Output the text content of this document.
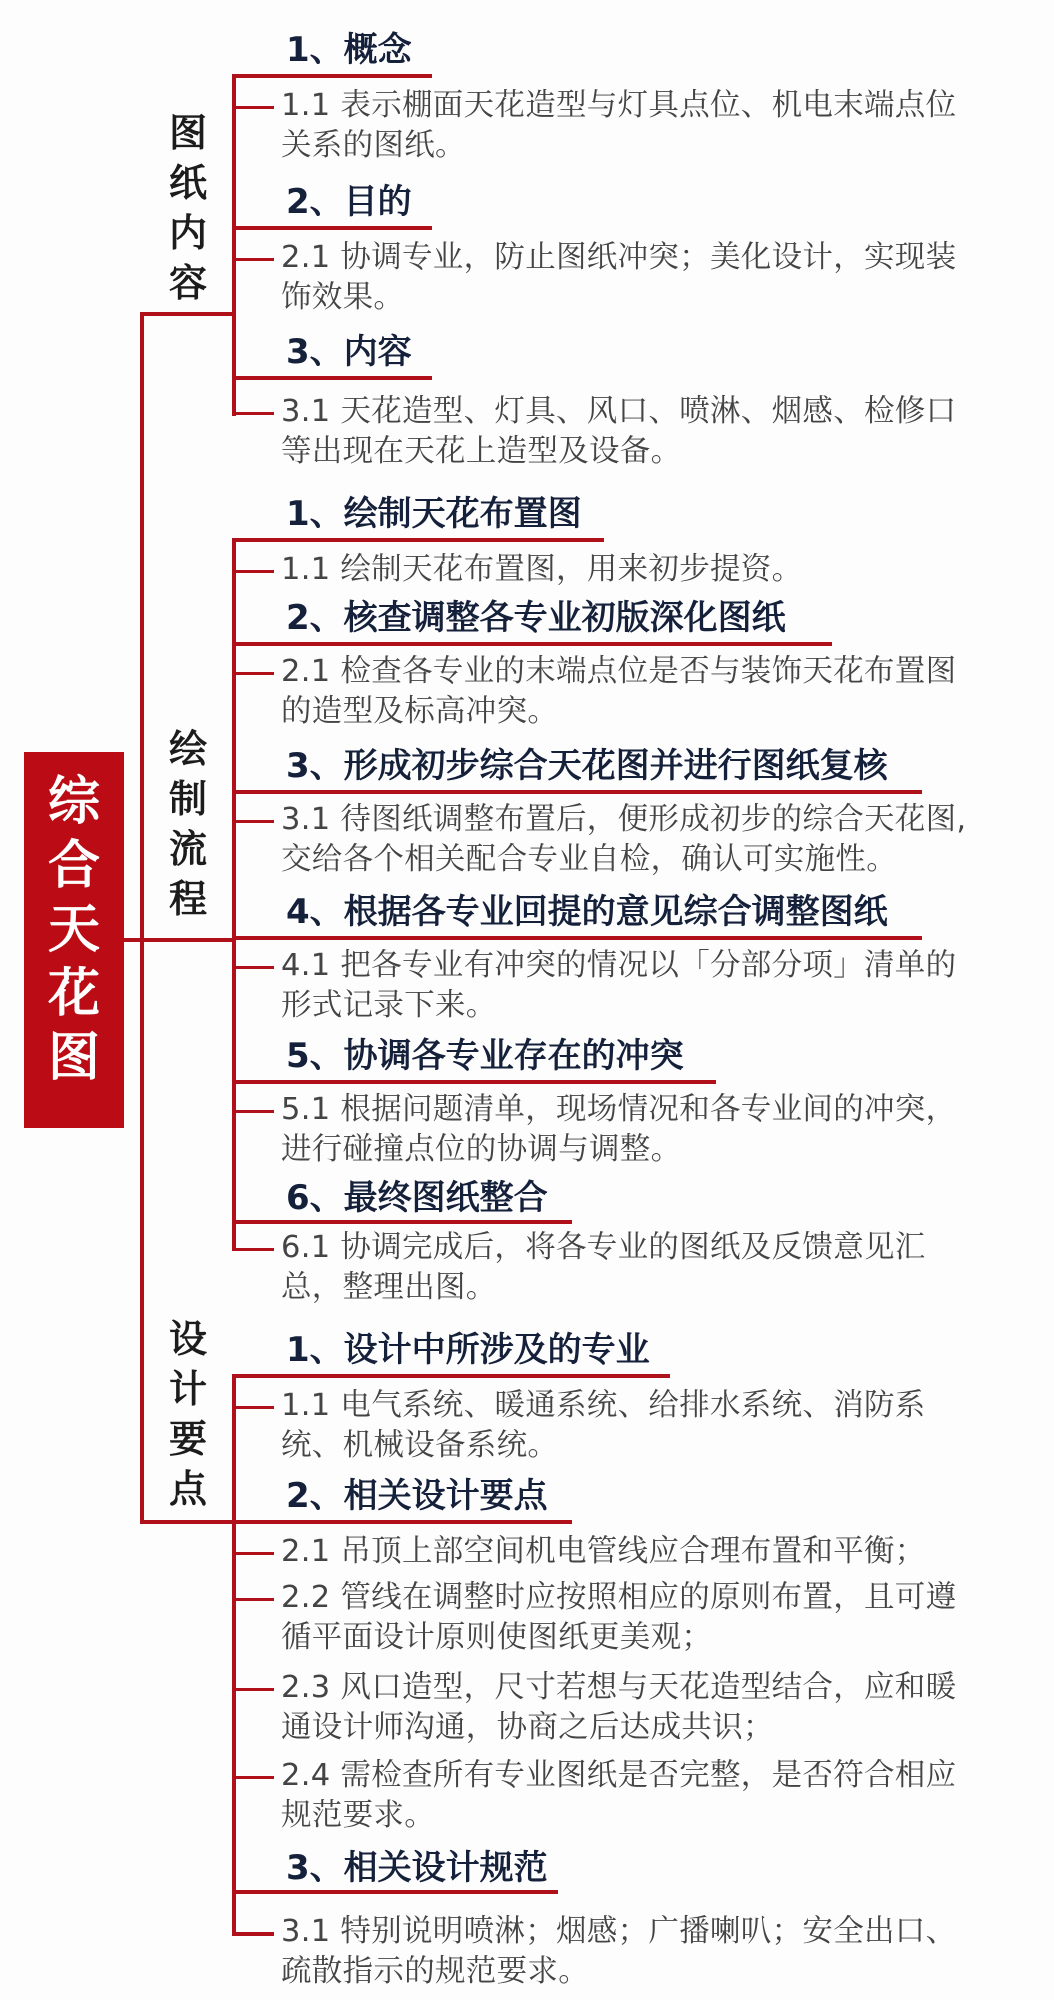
综
合
天
花
图
图
纸
内
容
绘
制
流
程
设
计
要
点
1、概念
1.1 表示棚面天花造型与灯具点位、机电末端点位关系的图纸。
2、目的
2.1 协调专业，防止图纸冲突；美化设计，实现装饰效果。
3、内容
3.1 天花造型、灯具、风口、喷淋、烟感、检修口等出现在天花上造型及设备。
1、绘制天花布置图
1.1 绘制天花布置图，用来初步提资。
2、核查调整各专业初版深化图纸
2.1 检查各专业的末端点位是否与装饰天花布置图的造型及标高冲突。
3、形成初步综合天花图并进行图纸复核
3.1 待图纸调整布置后，便形成初步的综合天花图,交给各个相关配合专业自检，确认可实施性。
4、根据各专业回提的意见综合调整图纸
4.1 把各专业有冲突的情况以「分部分项」清单的形式记录下来。
5、协调各专业存在的冲突
5.1 根据问题清单，现场情况和各专业间的冲突，进行碰撞点位的协调与调整。
6、最终图纸整合
6.1 协调完成后，将各专业的图纸及反馈意见汇总，整理出图。
1、设计中所涉及的专业
1.1 电气系统、暖通系统、给排水系统、消防系统、机械设备系统。
2、相关设计要点
2.1 吊顶上部空间机电管线应合理布置和平衡；
2.2 管线在调整时应按照相应的原则布置，且可遵循平面设计原则使图纸更美观；
2.3 风口造型，尺寸若想与天花造型结合，应和暖通设计师沟通，协商之后达成共识；
2.4 需检查所有专业图纸是否完整，是否符合相应规范要求。
3、相关设计规范
3.1 特别说明喷淋；烟感；广播喇叭；安全出口、疏散指示的规范要求。
